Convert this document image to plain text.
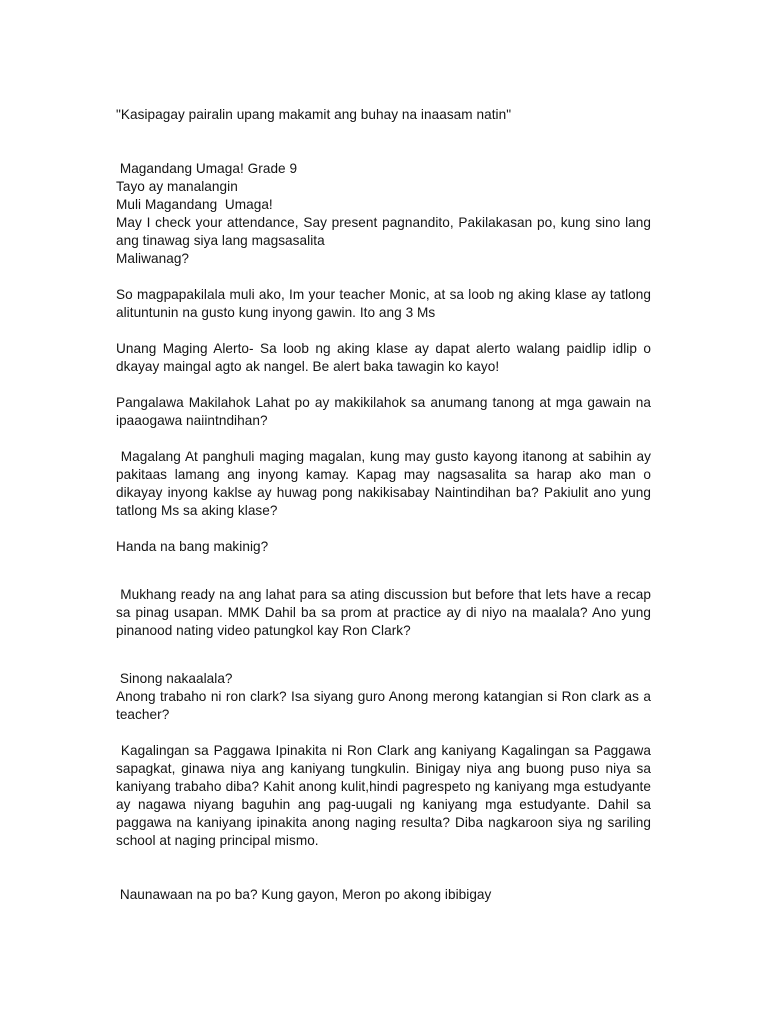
"Kasipagay pairalin upang makamit ang buhay na inaasam natin"

Magandang Umaga! Grade 9
Tayo ay manalangin
Muli Magandang  Umaga!
May I check your attendance, Say present pagnandito, Pakilakasan po, kung sino lang ang tinawag siya lang magsasalita
Maliwanag?

So magpapakilala muli ako, Im your teacher Monic, at sa loob ng aking klase ay tatlong alituntunin na gusto kung inyong gawin. Ito ang 3 Ms

Unang Maging Alerto- Sa loob ng aking klase ay dapat alerto walang paidlip idlip o dkayay maingal agto ak nangel. Be alert baka tawagin ko kayo!

Pangalawa Makilahok Lahat po ay makikilahok sa anumang tanong at mga gawain na ipaaogawa naiintndihan?

Magalang At panghuli maging magalan, kung may gusto kayong itanong at sabihin ay pakitaas lamang ang inyong kamay. Kapag may nagsasalita sa harap ako man o dikayay inyong kaklse ay huwag pong nakikisabay Naintindihan ba? Pakiulit ano yung tatlong Ms sa aking klase?

Handa na bang makinig?

Mukhang ready na ang lahat para sa ating discussion but before that lets have a recap sa pinag usapan. MMK Dahil ba sa prom at practice ay di niyo na maalala? Ano yung pinanood nating video patungkol kay Ron Clark?

Sinong nakaalala?
Anong trabaho ni ron clark? Isa siyang guro Anong merong katangian si Ron clark as a teacher?

Kagalingan sa Paggawa Ipinakita ni Ron Clark ang kaniyang Kagalingan sa Paggawa sapagkat, ginawa niya ang kaniyang tungkulin. Binigay niya ang buong puso niya sa kaniyang trabaho diba? Kahit anong kulit,hindi pagrespeto ng kaniyang mga estudyante ay nagawa niyang baguhin ang pag-uugali ng kaniyang mga estudyante. Dahil sa paggawa na kaniyang ipinakita anong naging resulta? Diba nagkaroon siya ng sariling school at naging principal mismo.

Naunawaan na po ba? Kung gayon, Meron po akong ibibigay
